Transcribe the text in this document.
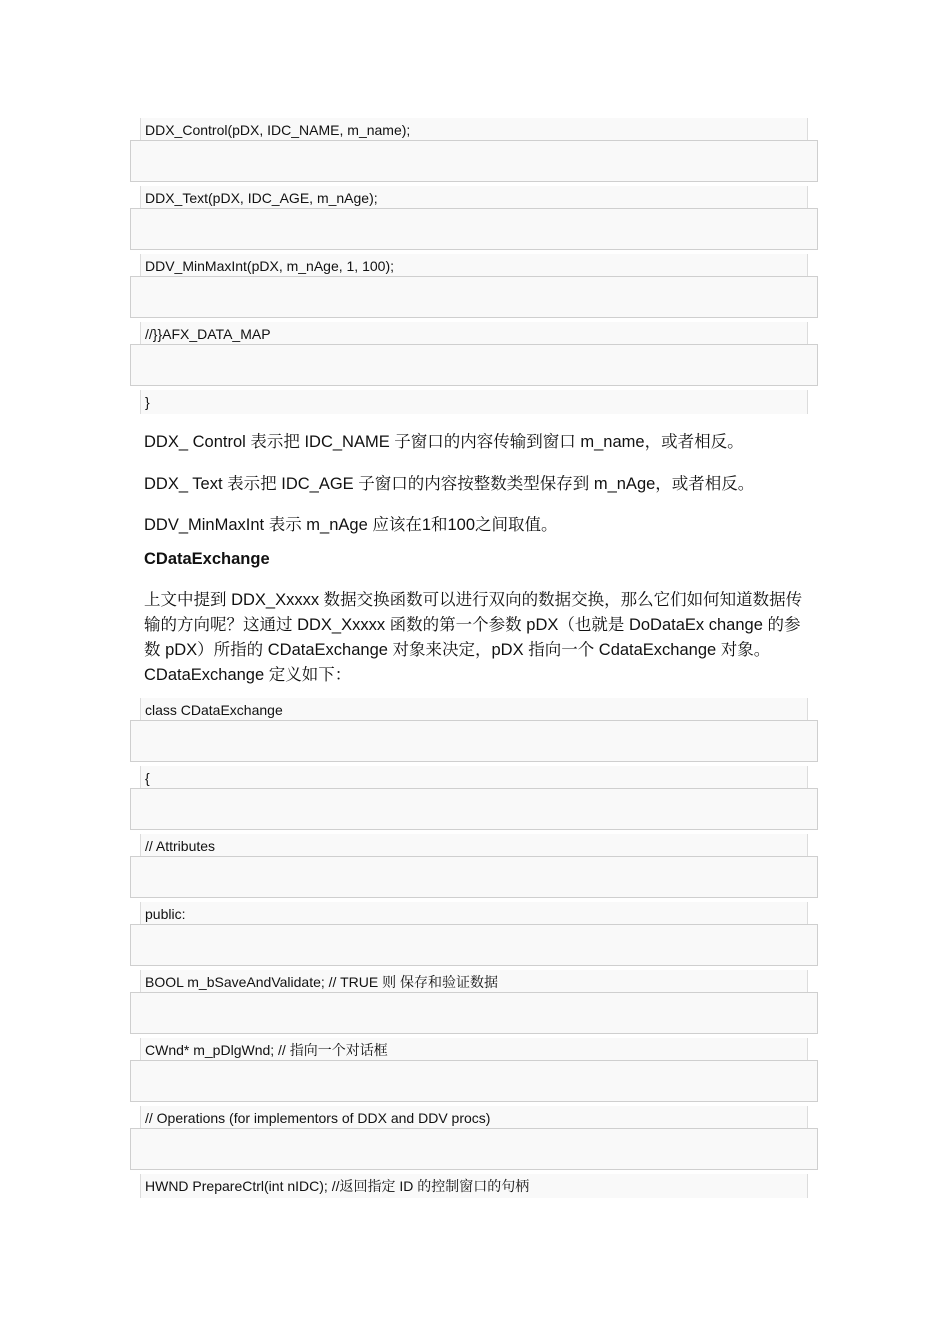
DDX_Control(pDX, IDC_NAME, m_name);
DDX_Text(pDX, IDC_AGE, m_nAge);
DDV_MinMaxInt(pDX, m_nAge, 1, 100);
//}}AFX_DATA_MAP
}
DDX_ Control 表示把 IDC_NAME 子窗口的内容传输到窗口 m_name，或者相反。
DDX_ Text 表示把 IDC_AGE 子窗口的内容按整数类型保存到 m_nAge，或者相反。
DDV_MinMaxInt 表示 m_nAge 应该在1和100之间取值。
CDataExchange
上文中提到 DDX_Xxxxx 数据交换函数可以进行双向的数据交换，那么它们如何知道数据传输的方向呢？这通过 DDX_Xxxxx 函数的第一个参数 pDX（也就是 DoDataEx change 的参数 pDX）所指的 CDataExchange 对象来决定，pDX 指向一个 CdataExchange 对象。CDataExchange 定义如下：
class CDataExchange
{
// Attributes
public:
BOOL m_bSaveAndValidate; // TRUE 则 保存和验证数据
CWnd* m_pDlgWnd; // 指向一个对话框
// Operations (for implementors of DDX and DDV procs)
HWND PrepareCtrl(int nIDC); //返回指定 ID 的控制窗口的句柄
